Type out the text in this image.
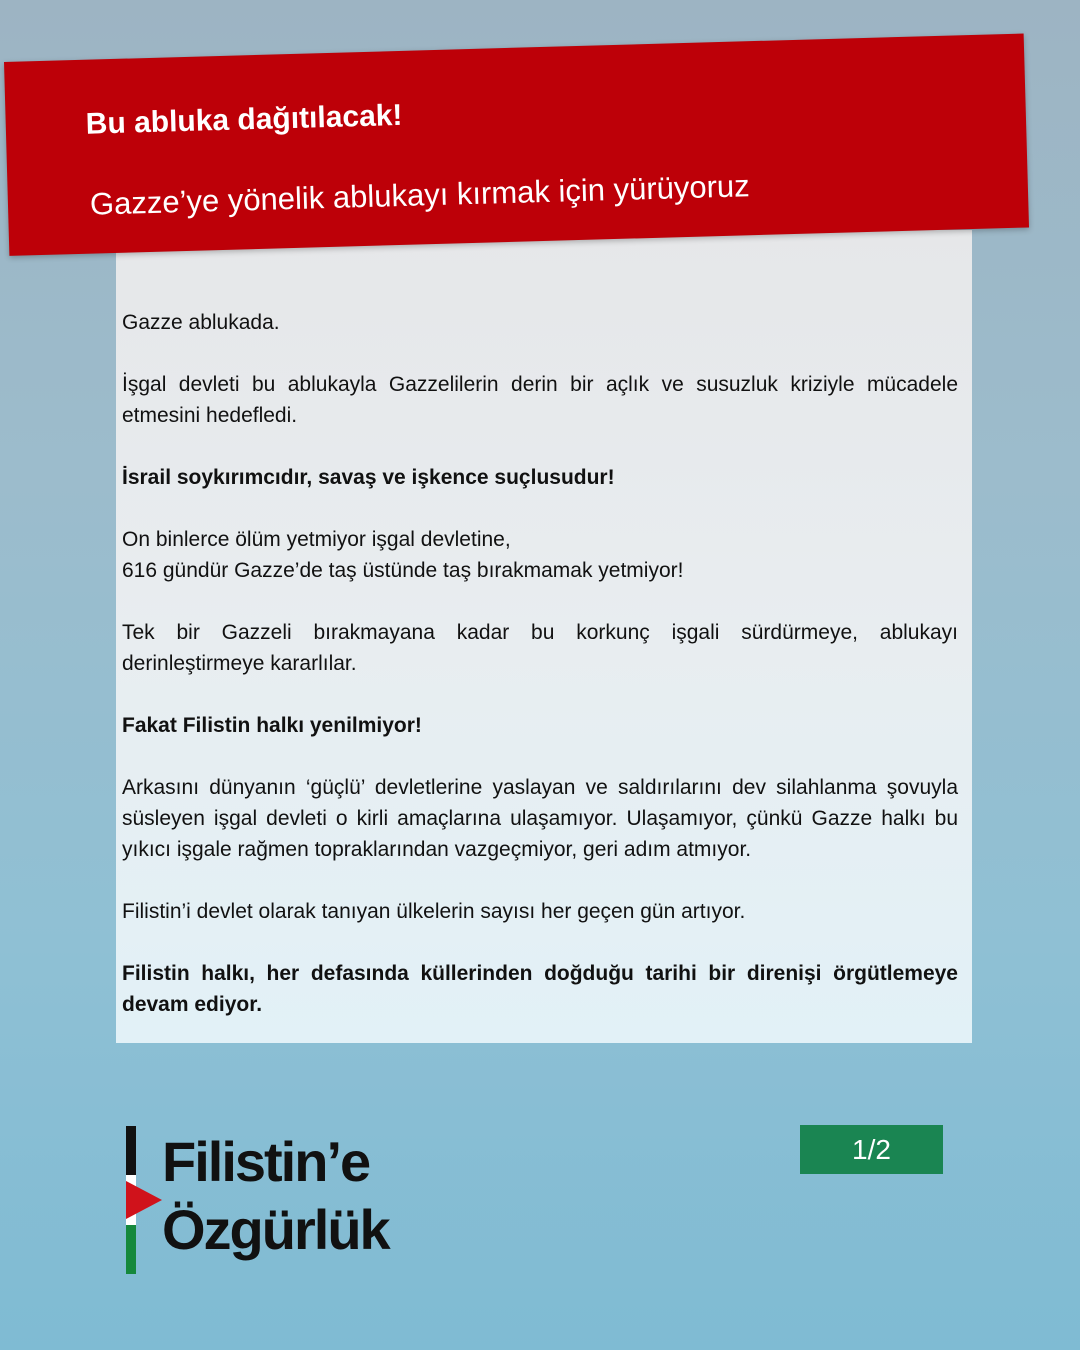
Bu abluka dağıtılacak!

Gazze’ye yönelik ablukayı kırmak için yürüyoruz

Gazze ablukada.

İşgal devleti bu ablukayla Gazzelilerin derin bir açlık ve susuzluk kriziyle mücadele etmesini hedefledi.

İsrail soykırımcıdır, savaş ve işkence suçlusudur!

On binlerce ölüm yetmiyor işgal devletine,
616 gündür Gazze’de taş üstünde taş bırakmamak yetmiyor!

Tek bir Gazzeli bırakmayana kadar bu korkunç işgali sürdürmeye, ablukayı derinleştirmeye kararlılar.

Fakat Filistin halkı yenilmiyor!

Arkasını dünyanın ‘güçlü’ devletlerine yaslayan ve saldırılarını dev silahlanma şovuyla süsleyen işgal devleti o kirli amaçlarına ulaşamıyor. Ulaşamıyor, çünkü Gazze halkı bu yıkıcı işgale rağmen topraklarından vazgeçmiyor, geri adım atmıyor.

Filistin’i devlet olarak tanıyan ülkelerin sayısı her geçen gün artıyor.

Filistin halkı, her defasında küllerinden doğduğu tarihi bir direnişi örgütlemeye devam ediyor.

Filistin’e

Özgürlük

1/2
